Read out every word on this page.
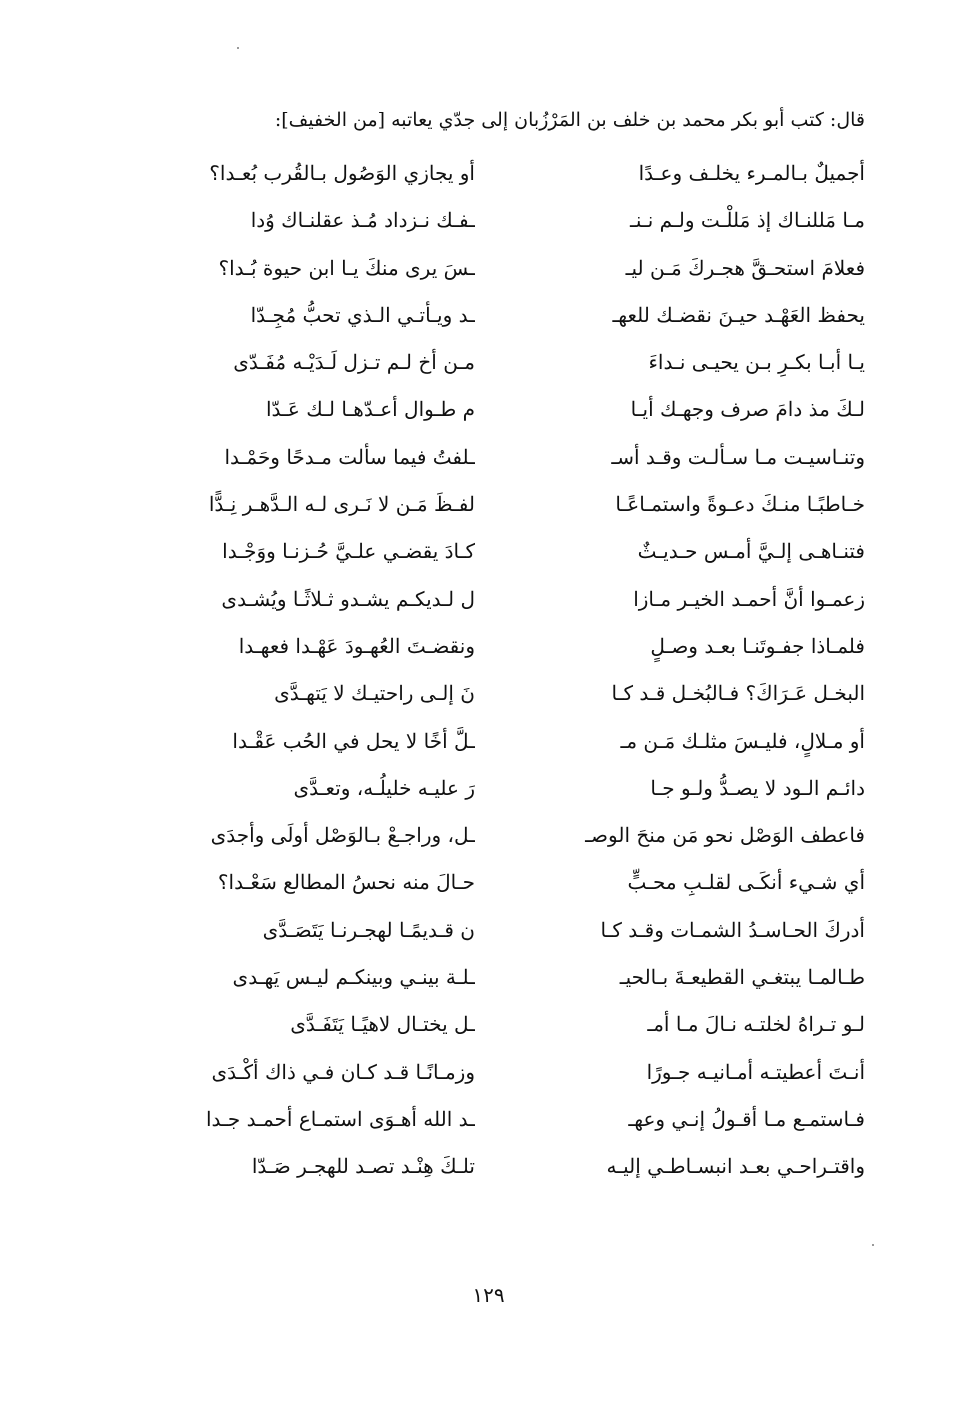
قال: كتب أبو بكر محمد بن خلف بن المَرْزُبان إلى جدّي يعاتبه [من الخفيف]:
أجميلٌ بـالمـرء يخلـف وعـدًا
أو يجازي الوَصُول بـالقُرب بُعـدا؟
مـا مَللنـاك إذ مَللْـت ولـم نـنـ
ـفـك نـزداد مُـذ عقلنـاك وُدا
فعلامَ استحـقَّ هجـركَ مَـن ليـ
ـسَ يرى منكَ يـا ابن حيوة بُـدا؟
يحفظ العَهْـد حيـنَ نقضـك للعهـ
ـد ويـأتـي الـذي تحبُّ مُجِـدّا
يـا أبـا بكـرِ بـن يحيـى نـداءَ
مـن أخ لـم تـزل لَـدَيْـه مُفَـدّى
لـكَ مذ دامَ صرف وجهـك أيـا
م طـوال أعـدّهـا لـك عَـدّا
وتنـاسيـت مـا سـألـت وقـد أسـ
ـلفتُ فيما سألت مـدحًا وحَمْـدا
خـاطبًـا منـكَ دعـوةً واستمـاعًـا
لفـظَ مَـن لا نَـرى لـه الـدَّهـر نِـدًّا
فتنـاهـى إلـيَّ أمـس حـديـثٌ
كـادَ يقضـي علـيَّ حُـزنـا ووَجْـدا
زعمـوا أنَّ أحمـد الخيـر مـازا
ل لـديكـم يشـدو ثـلاثًـا ويُشـدى
فلمـاذا جفـوتَنـا بعـد وصـلٍ
ونقضـتَ العُهـودَ عَهْـدا فعهـدا
البخـل عَـرَاكَ؟ فـالبُخـل قـد كـا
نَ إلـى راحتيـك لا يَتهـدَّى
أو مـلالٍ، فليـسَ مثلـك مَـن مـ
ـلَّ أخًا لا يحل في الحُب عَقْـدا
دائـم الـود لا يصـدُّ ولـو جـا
رَ عليـه خليلُـه، وتعـدَّى
فاعطف الوَصْل نحو مَن منحَ الوصـ
ـل، وراجـعْ بـالوَصْل أولَى وأجدَى
أي شـيء أنكَـى لقلـبِ محـبٍّ
حـالَ منه نحسُ المطالع سَعْـدا؟
أدركَ الحـاسـدُ الشمـات وقـد كـا
ن قـديمًـا لهجـرنـا يَتَصَـدَّى
طـالمـا يبتغـي القطيعـةَ بـالحيـ
ـلـة بينـي وبينكـم ليـس يَهـدى
لـو تـراهُ لخلتـه نـالَ مـا أمـ
ـل يختـال لاهيًـا يَتَفَـدَّى
أنـتَ أعطيتـه أمـانيـه جـورًا
وزمـانًـا قـد كـان فـي ذاك أكْـدَى
فـاستمـع مـا أقـولُ إنـي وعهـ
ـد الله أهـوَى استمـاع أحمـد جـدا
واقتـراحـي بعـد انبسـاطـي إليـه
تلـكَ هِنْـد تصـد للهجـر صَـدّا
١٢٩
